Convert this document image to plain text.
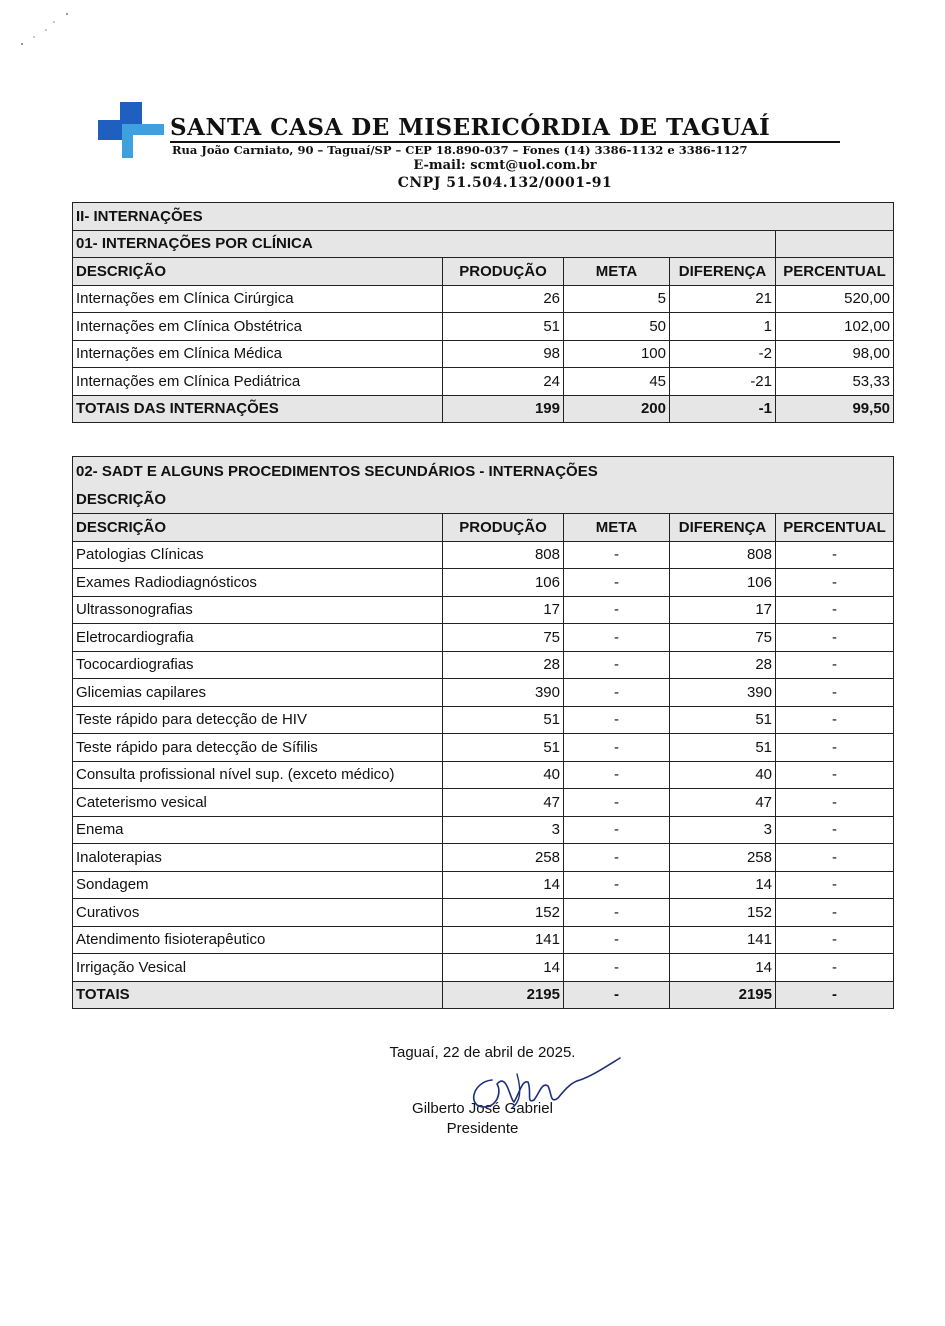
SANTA CASA DE MISERICÓRDIA DE TAGUAÍ
Rua João Carniato, 90 – Taguaí/SP – CEP 18.890-037 – Fones (14) 3386-1132 e 3386-1127
E-mail: scmt@uol.com.br
CNPJ 51.504.132/0001-91
II- INTERNAÇÕES				
01- INTERNAÇÕES POR CLÍNICA				
DESCRIÇÃO	PRODUÇÃO	META	DIFERENÇA	PERCENTUAL
Internações em Clínica Cirúrgica	26	5	21	520,00
Internações em Clínica Obstétrica	51	50	1	102,00
Internações em Clínica Médica	98	100	-2	98,00
Internações em Clínica Pediátrica	24	45	-21	53,33
TOTAIS DAS INTERNAÇÕES	199	200	-1	99,50
02- SADT E ALGUNS PROCEDIMENTOS SECUNDÁRIOS - INTERNAÇÕES				
DESCRIÇÃO				
DESCRIÇÃO	PRODUÇÃO	META	DIFERENÇA	PERCENTUAL
Patologias Clínicas	808	-	808	-
Exames Radiodiagnósticos	106	-	106	-
Ultrassonografias	17	-	17	-
Eletrocardiografia	75	-	75	-
Tococardiografias	28	-	28	-
Glicemias capilares	390	-	390	-
Teste rápido para detecção de HIV	51	-	51	-
Teste rápido para detecção de Sífilis	51	-	51	-
Consulta profissional nível sup. (exceto médico)	40	-	40	-
Cateterismo vesical	47	-	47	-
Enema	3	-	3	-
Inaloterapias	258	-	258	-
Sondagem	14	-	14	-
Curativos	152	-	152	-
Atendimento fisioterapêutico	141	-	141	-
Irrigação Vesical	14	-	14	-
TOTAIS	2195	-	2195	-
Taguaí, 22 de abril de 2025.
Gilberto José Gabriel
Presidente
